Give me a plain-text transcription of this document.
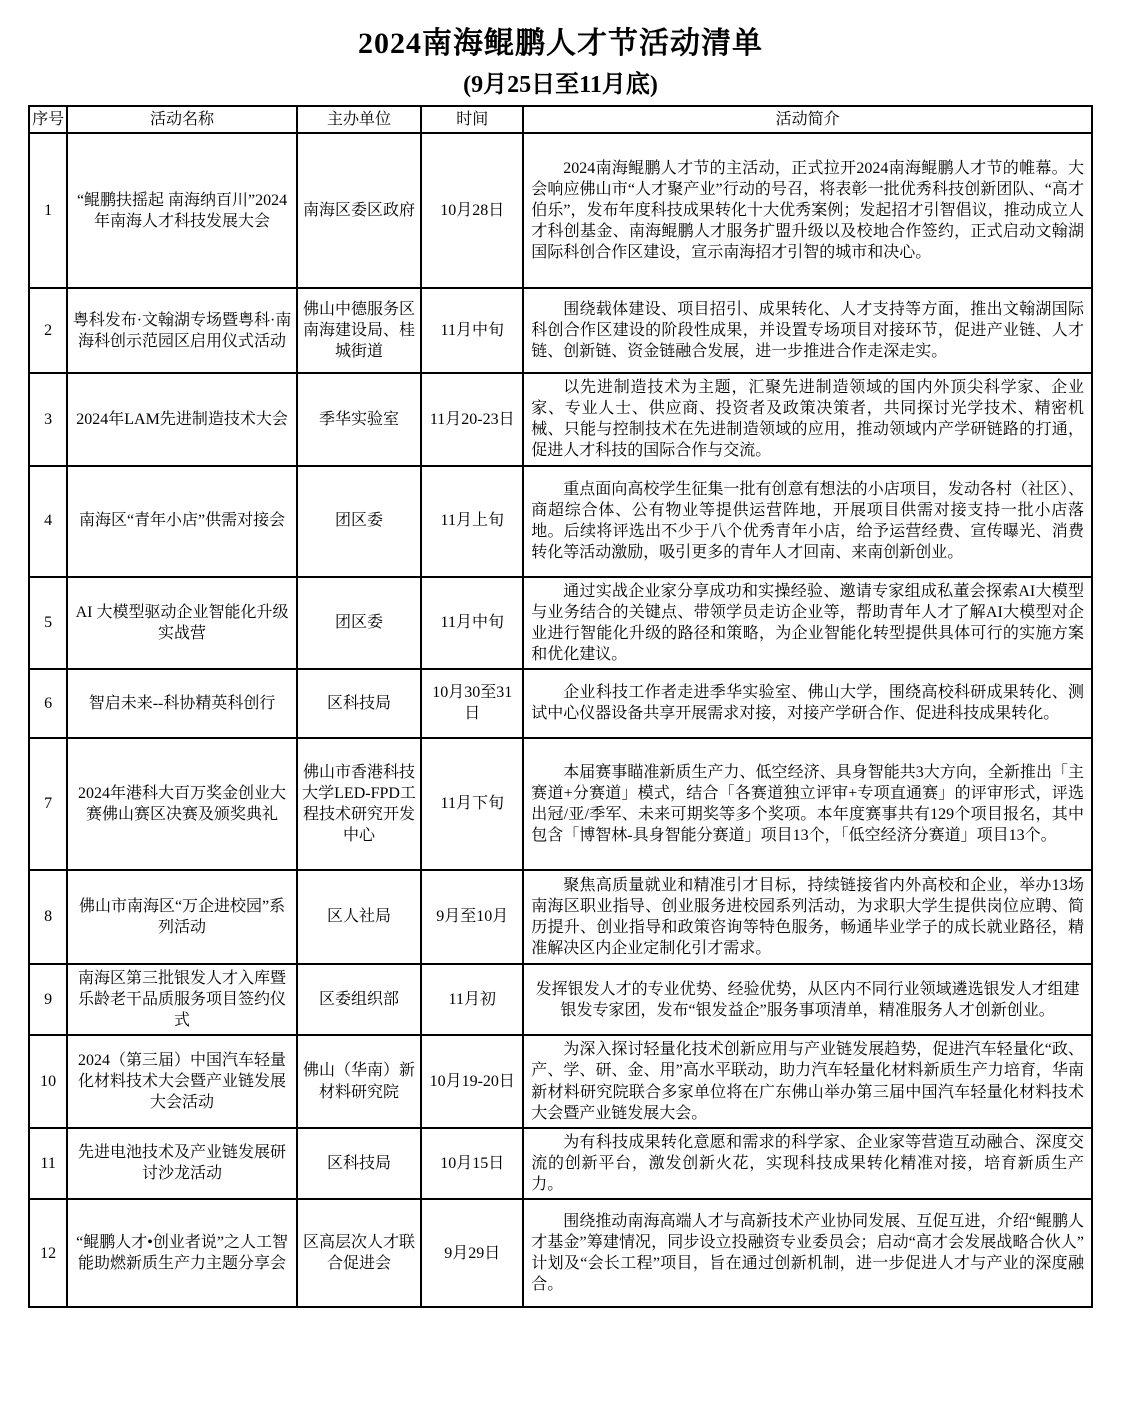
2024南海鲲鹏人才节活动清单
(9月25日至11月底)
序号	活动名称	主办单位	时间	活动简介
1	“鲲鹏扶摇起 南海纳百川”2024年南海人才科技发展大会	南海区委区政府	10月28日	2024南海鲲鹏人才节的主活动，正式拉开2024南海鲲鹏人才节的帷幕。大会响应佛山市“人才聚产业”行动的号召，将表彰一批优秀科技创新团队、“高才伯乐”，发布年度科技成果转化十大优秀案例；发起招才引智倡议，推动成立人才科创基金、南海鲲鹏人才服务扩盟升级以及校地合作签约，正式启动文翰湖国际科创合作区建设，宣示南海招才引智的城市和决心。

2	粤科发布·文翰湖专场暨粤科·南海科创示范园区启用仪式活动	佛山中德服务区南海建设局、桂城街道	11月中旬	围绕载体建设、项目招引、成果转化、人才支持等方面，推出文翰湖国际科创合作区建设的阶段性成果，并设置专场项目对接环节，促进产业链、人才链、创新链、资金链融合发展，进一步推进合作走深走实。

3	2024年LAM先进制造技术大会	季华实验室	11月20-23日	以先进制造技术为主题，汇聚先进制造领域的国内外顶尖科学家、企业家、专业人士、供应商、投资者及政策决策者，共同探讨光学技术、精密机械、只能与控制技术在先进制造领域的应用，推动领域内产学研链路的打通，促进人才科技的国际合作与交流。

4	南海区“青年小店”供需对接会	团区委	11月上旬	重点面向高校学生征集一批有创意有想法的小店项目，发动各村（社区）、商超综合体、公有物业等提供运营阵地，开展项目供需对接支持一批小店落地。后续将评选出不少于八个优秀青年小店，给予运营经费、宣传曝光、消费转化等活动激励，吸引更多的青年人才回南、来南创新创业。

5	AI 大模型驱动企业智能化升级实战营	团区委	11月中旬	通过实战企业家分享成功和实操经验、邀请专家组成私董会探索AI大模型与业务结合的关键点、带领学员走访企业等，帮助青年人才了解AI大模型对企业进行智能化升级的路径和策略，为企业智能化转型提供具体可行的实施方案和优化建议。

6	智启未来--科协精英科创行	区科技局	10月30至31日	企业科技工作者走进季华实验室、佛山大学，围绕高校科研成果转化、测试中心仪器设备共享开展需求对接，对接产学研合作、促进科技成果转化。

7	2024年港科大百万奖金创业大赛佛山赛区决赛及颁奖典礼	佛山市香港科技大学LED-FPD工程技术研究开发中心	11月下旬	本届赛事瞄准新质生产力、低空经济、具身智能共3大方向，全新推出「主赛道+分赛道」模式，结合「各赛道独立评审+专项直通赛」的评审形式，评选出冠/亚/季军、未来可期奖等多个奖项。本年度赛事共有129个项目报名，其中包含「博智林-具身智能分赛道」项目13个，「低空经济分赛道」项目13个。

8	佛山市南海区“万企进校园”系列活动	区人社局	9月至10月	聚焦高质量就业和精准引才目标，持续链接省内外高校和企业，举办13场南海区职业指导、创业服务进校园系列活动，为求职大学生提供岗位应聘、简历提升、创业指导和政策咨询等特色服务，畅通毕业学子的成长就业路径，精准解决区内企业定制化引才需求。

9	南海区第三批银发人才入库暨乐龄老干品质服务项目签约仪式	区委组织部	11月初	发挥银发人才的专业优势、经验优势，从区内不同行业领域遴选银发人才组建银发专家团，发布“银发益企”服务事项清单，精准服务人才创新创业。

10	2024（第三届）中国汽车轻量化材料技术大会暨产业链发展大会活动	佛山（华南）新材料研究院	10月19-20日	为深入探讨轻量化技术创新应用与产业链发展趋势，促进汽车轻量化“政、产、学、研、金、用”高水平联动，助力汽车轻量化材料新质生产力培育，华南新材料研究院联合多家单位将在广东佛山举办第三届中国汽车轻量化材料技术大会暨产业链发展大会。

11	先进电池技术及产业链发展研讨沙龙活动	区科技局	10月15日	为有科技成果转化意愿和需求的科学家、企业家等营造互动融合、深度交流的创新平台，激发创新火花，实现科技成果转化精准对接，培育新质生产力。

12	“鲲鹏人才•创业者说”之人工智能助燃新质生产力主题分享会	区高层次人才联合促进会	9月29日	围绕推动南海高端人才与高新技术产业协同发展、互促互进，介绍“鲲鹏人才基金”筹建情况，同步设立投融资专业委员会；启动“高才会发展战略合伙人”计划及“会长工程”项目，旨在通过创新机制，进一步促进人才与产业的深度融合。
